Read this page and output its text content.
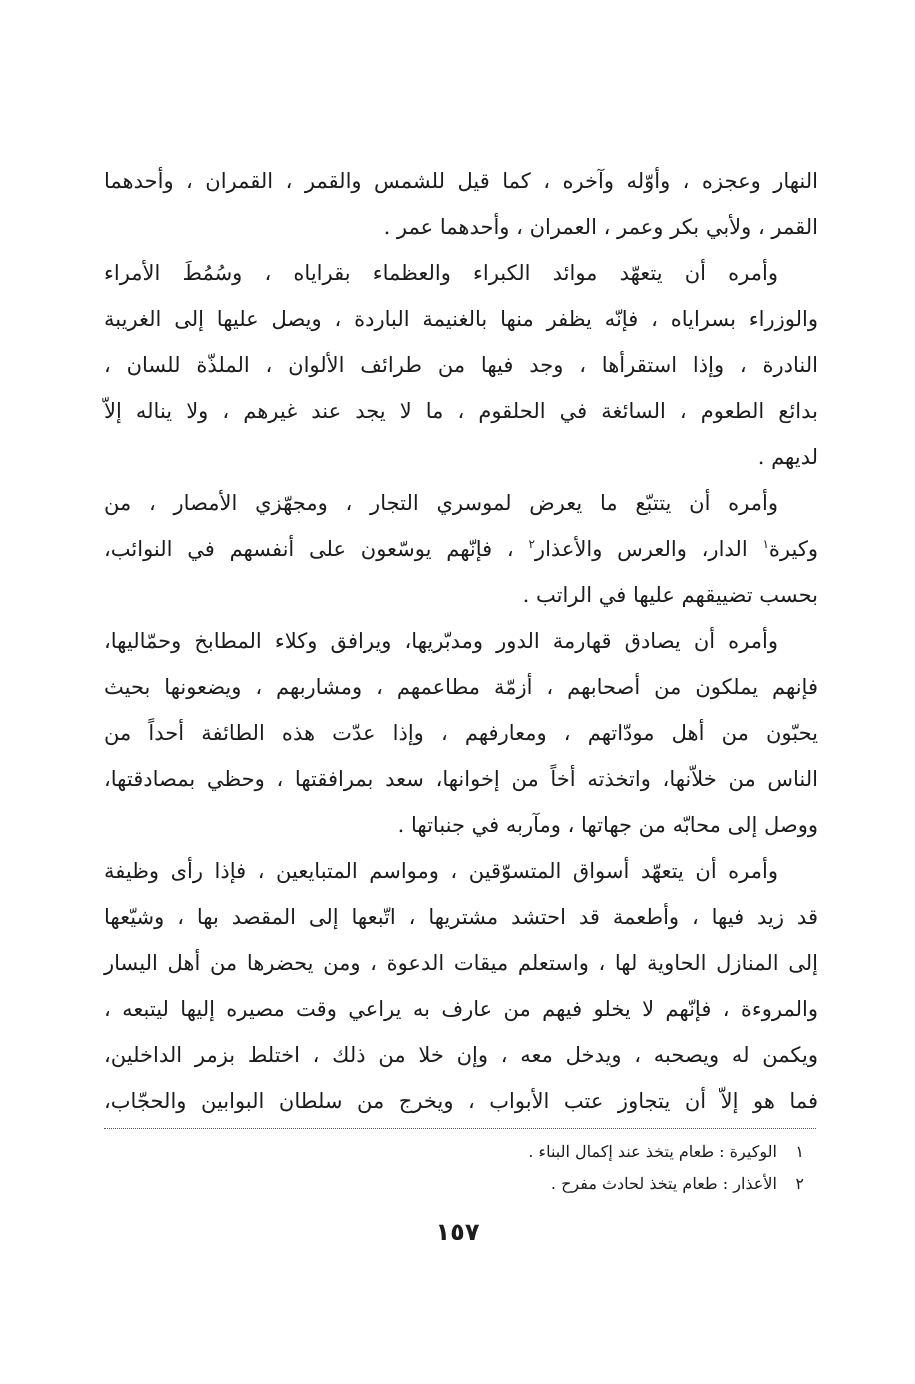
النهار وعجزه ، وأوّله وآخره ، كما قيل للشمس والقمر ، القمران ، وأحدهما
القمر ، ولأبي بكر وعمر ، العمران ، وأحدهما عمر .
وأمره أن يتعهّد موائد الكبراء والعظماء بقراياه ، وسُمُطَ الأمراء
والوزراء بسراياه ، فإنّه يظفر منها بالغنيمة الباردة ، ويصل عليها إلى الغريبة
النادرة ، وإذا استقرأها ، وجد فيها من طرائف الألوان ، الملذّة للسان ،
بدائع الطعوم ، السائغة في الحلقوم ، ما لا يجد عند غيرهم ، ولا يناله إلاّ
لديهم .
وأمره أن يتتبّع ما يعرض لموسري التجار ، ومجهّزي الأمصار ، من
وكيرة$^١$ الدار، والعرس والأعذار$^٢$ ، فإنّهم يوسّعون على أنفسهم في النوائب،
بحسب تضييقهم عليها في الراتب .
وأمره أن يصادق قهارمة الدور ومدبّريها، ويرافق وكلاء المطابخ وحمّاليها،
فإنهم يملكون من أصحابهم ، أزمّة مطاعمهم ، ومشاربهم ، ويضعونها بحيث
يحبّون من أهل مودّاتهم ، ومعارفهم ، وإذا عدّت هذه الطائفة أحداً من
الناس من خلاّنها، واتخذته أخاً من إخوانها، سعد بمرافقتها ، وحظي بمصادقتها،
ووصل إلى محابّه من جهاتها ، ومآربه في جنباتها .
وأمره أن يتعهّد أسواق المتسوّقين ، ومواسم المتبايعين ، فإذا رأى وظيفة
قد زيد فيها ، وأطعمة قد احتشد مشتريها ، اتّبعها إلى المقصد بها ، وشيّعها
إلى المنازل الحاوية لها ، واستعلم ميقات الدعوة ، ومن يحضرها من أهل اليسار
والمروءة ، فإنّهم لا يخلو فيهم من عارف به يراعي وقت مصيره إليها ليتبعه ،
ويكمن له ويصحبه ، ويدخل معه ، وإن خلا من ذلك ، اختلط بزمر الداخلين،
فما هو إلاّ أن يتجاوز عتب الأبواب ، ويخرج من سلطان البوابين والحجّاب،
١ الوكيرة : طعام يتخذ عند إكمال البناء .
٢ الأعذار : طعام يتخذ لحادث مفرح .
١٥٧
